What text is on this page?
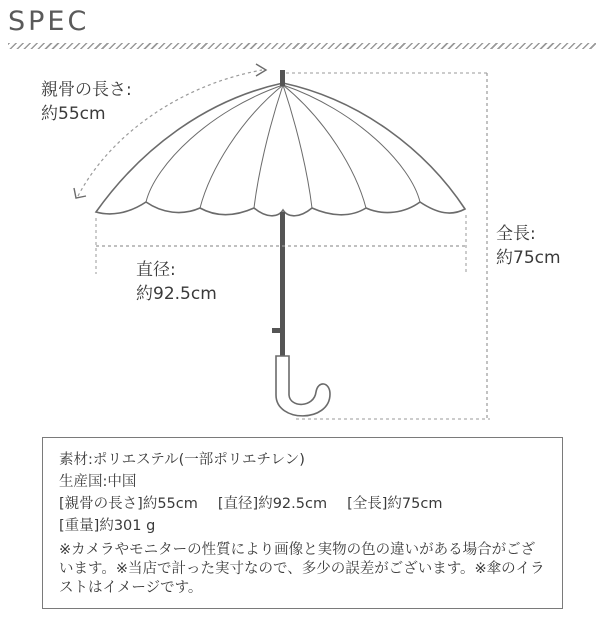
SPEC
親骨の長さ:
約55cm
直径:
約92.5cm
全長:
約75cm
素材:ポリエステル(一部ポリエチレン)
生産国:中国
[親骨の長さ]約55cm [直径]約92.5cm [全長]約75cm
[重量]約301 g
※カメラやモニターの性質により画像と実物の色の違いがある場合がございます。※当店で計った実寸なので、多少の誤差がございます。※傘のイラストはイメージです。
